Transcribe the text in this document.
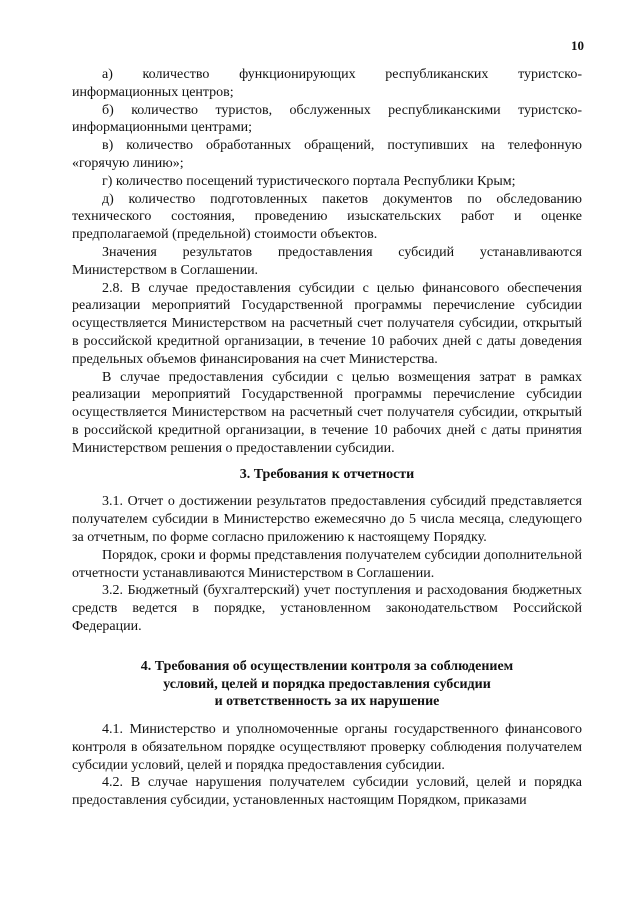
10

а) количество функционирующих республиканских туристско-информационных центров;

б) количество туристов, обслуженных республиканскими туристско-информационными центрами;

в) количество обработанных обращений, поступивших на телефонную «горячую линию»;

г) количество посещений туристического портала Республики Крым;

д) количество подготовленных пакетов документов по обследованию технического состояния, проведению изыскательских работ и оценке предполагаемой (предельной) стоимости объектов.

Значения результатов предоставления субсидий устанавливаются Министерством в Соглашении.

2.8. В случае предоставления субсидии с целью финансового обеспечения реализации мероприятий Государственной программы перечисление субсидии осуществляется Министерством на расчетный счет получателя субсидии, открытый в российской кредитной организации, в течение 10 рабочих дней с даты доведения предельных объемов финансирования на счет Министерства.

В случае предоставления субсидии с целью возмещения затрат в рамках реализации мероприятий Государственной программы перечисление субсидии осуществляется Министерством на расчетный счет получателя субсидии, открытый в российской кредитной организации, в течение 10 рабочих дней с даты принятия Министерством решения о предоставлении субсидии.

3. Требования к отчетности

3.1. Отчет о достижении результатов предоставления субсидий представляется получателем субсидии в Министерство ежемесячно до 5 числа месяца, следующего за отчетным, по форме согласно приложению к настоящему Порядку.

Порядок, сроки и формы представления получателем субсидии дополнительной отчетности устанавливаются Министерством в Соглашении.

3.2. Бюджетный (бухгалтерский) учет поступления и расходования бюджетных средств ведется в порядке, установленном законодательством Российской Федерации.

4. Требования об осуществлении контроля за соблюдением

условий, целей и порядка предоставления субсидии

и ответственность за их нарушение

4.1. Министерство и уполномоченные органы государственного финансового контроля в обязательном порядке осуществляют проверку соблюдения получателем субсидии условий, целей и порядка предоставления субсидии.

4.2. В случае нарушения получателем субсидии условий, целей и порядка предоставления субсидии, установленных настоящим Порядком, приказами
